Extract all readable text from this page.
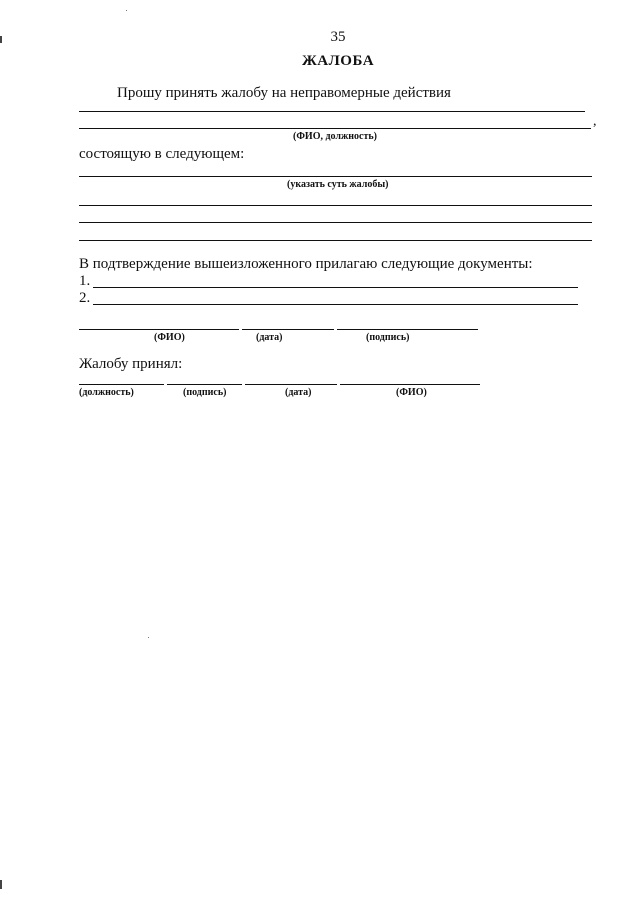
35
ЖАЛОБА
Прошу принять жалобу на неправомерные действия
,
(ФИО, должность)
состоящую в следующем:
(указать суть жалобы)
В подтверждение вышеизложенного прилагаю следующие документы:
1.
2.
(ФИО)	(дата)	(подпись)
Жалобу принял:
(должность)	(подпись)	(дата)	(ФИО)
